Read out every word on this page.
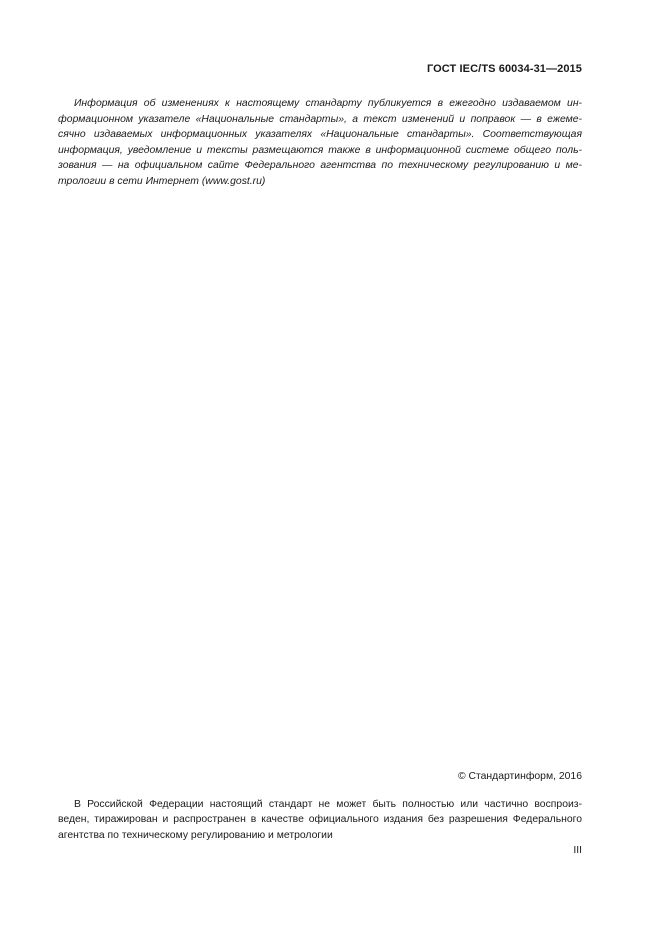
ГОСТ IEC/TS 60034-31—2015
Информация об изменениях к настоящему стандарту публикуется в ежегодно издаваемом ин-
формационном указателе «Национальные стандарты», а текст изменений и поправок — в ежеме-
сячно издаваемых информационных указателях «Национальные стандарты». Соответствующая
информация, уведомление и тексты размещаются также в информационной системе общего поль-
зования — на официальном сайте Федерального агентства по техническому регулированию и ме-
трологии в сети Интернет (www.gost.ru)
© Стандартинформ, 2016
В Российской Федерации настоящий стандарт не может быть полностью или частично воспроиз-
веден, тиражирован и распространен в качестве официального издания без разрешения Федерального
агентства по техническому регулированию и метрологии
III
